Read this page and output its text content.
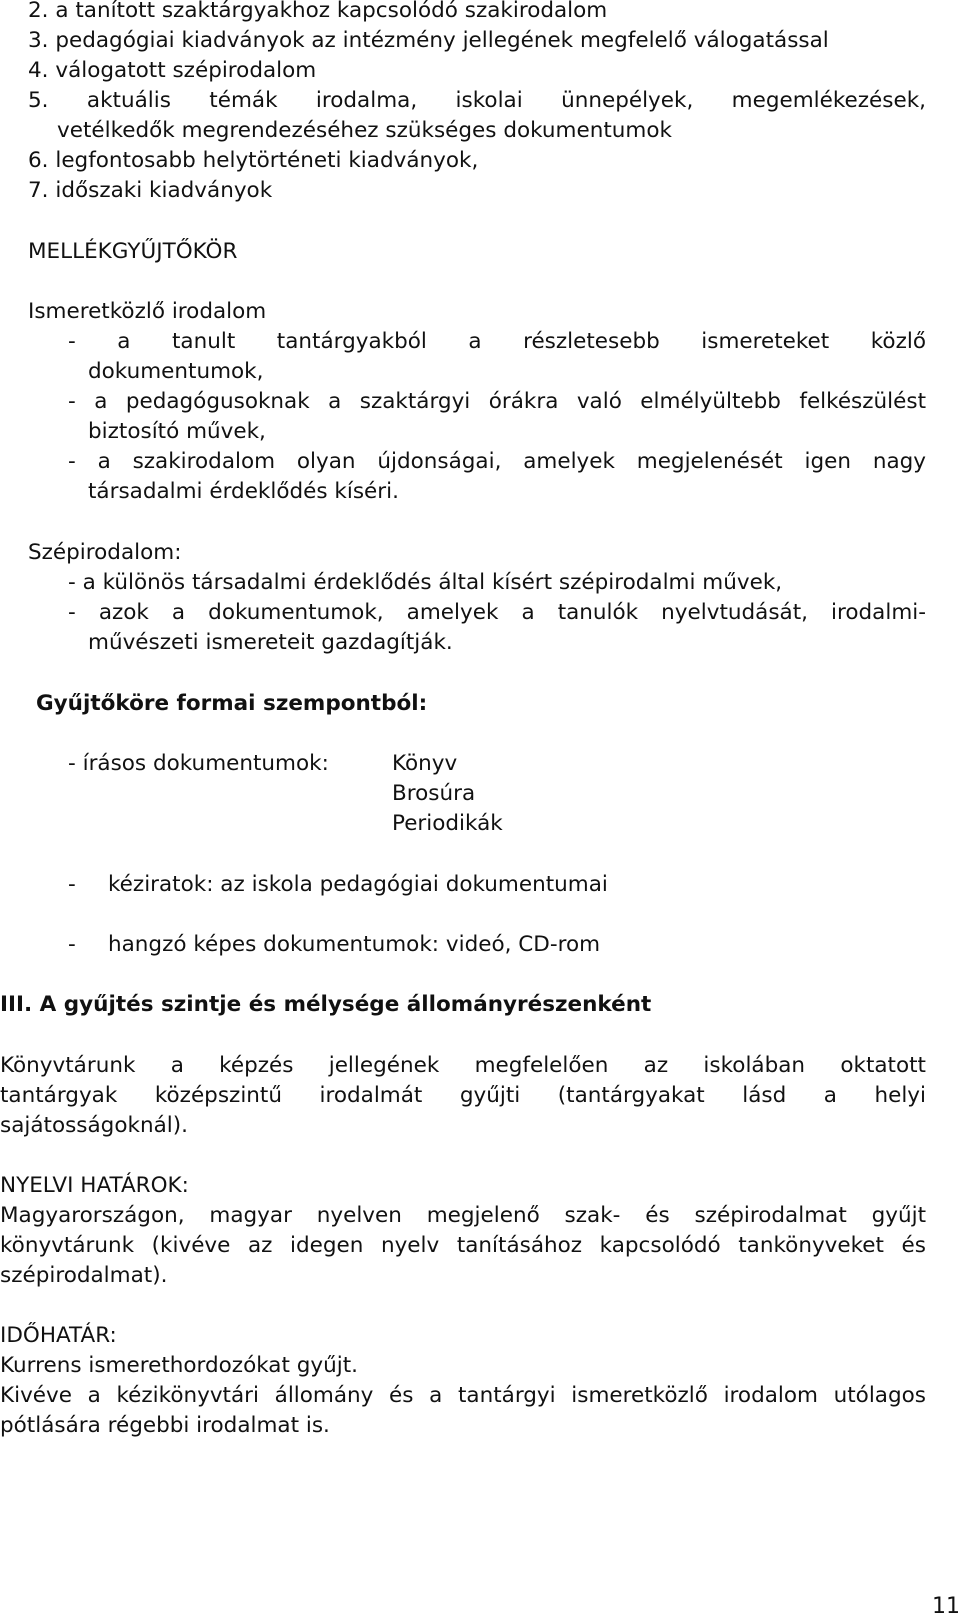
2. a tanított szaktárgyakhoz kapcsolódó szakirodalom
3. pedagógiai kiadványok az intézmény jellegének megfelelő válogatással
4. válogatott szépirodalom
5. aktuális témák irodalma, iskolai ünnepélyek, megemlékezések,
vetélkedők megrendezéséhez szükséges dokumentumok
6. legfontosabb helytörténeti kiadványok,
7. időszaki kiadványok
MELLÉKGYŰJTŐKÖR
Ismeretközlő irodalom
- a tanult tantárgyakból a részletesebb ismereteket közlő
dokumentumok,
- a pedagógusoknak a szaktárgyi órákra való elmélyültebb felkészülést
biztosító művek,
- a szakirodalom olyan újdonságai, amelyek megjelenését igen nagy
társadalmi érdeklődés kíséri.
Szépirodalom:
- a különös társadalmi érdeklődés által kísért szépirodalmi művek,
- azok a dokumentumok, amelyek a tanulók nyelvtudását, irodalmi-
művészeti ismereteit gazdagítják.
Gyűjtőköre formai szempontból:
- írásos dokumentumok:	Könyv
Brosúra
Periodikák
- kéziratok: az iskola pedagógiai dokumentumai
- hangzó képes dokumentumok: videó, CD-rom
III. A gyűjtés szintje és mélysége állományrészenként
Könyvtárunk a képzés jellegének megfelelően az iskolában oktatott
tantárgyak középszintű irodalmát gyűjti (tantárgyakat lásd a helyi
sajátosságoknál).
NYELVI HATÁROK:
Magyarországon, magyar nyelven megjelenő szak- és szépirodalmat gyűjt
könyvtárunk (kivéve az idegen nyelv tanításához kapcsolódó tankönyveket és
szépirodalmat).
IDŐHATÁR:
Kurrens ismerethordozókat gyűjt.
Kivéve a kézikönyvtári állomány és a tantárgyi ismeretközlő irodalom utólagos
pótlására régebbi irodalmat is.
11
